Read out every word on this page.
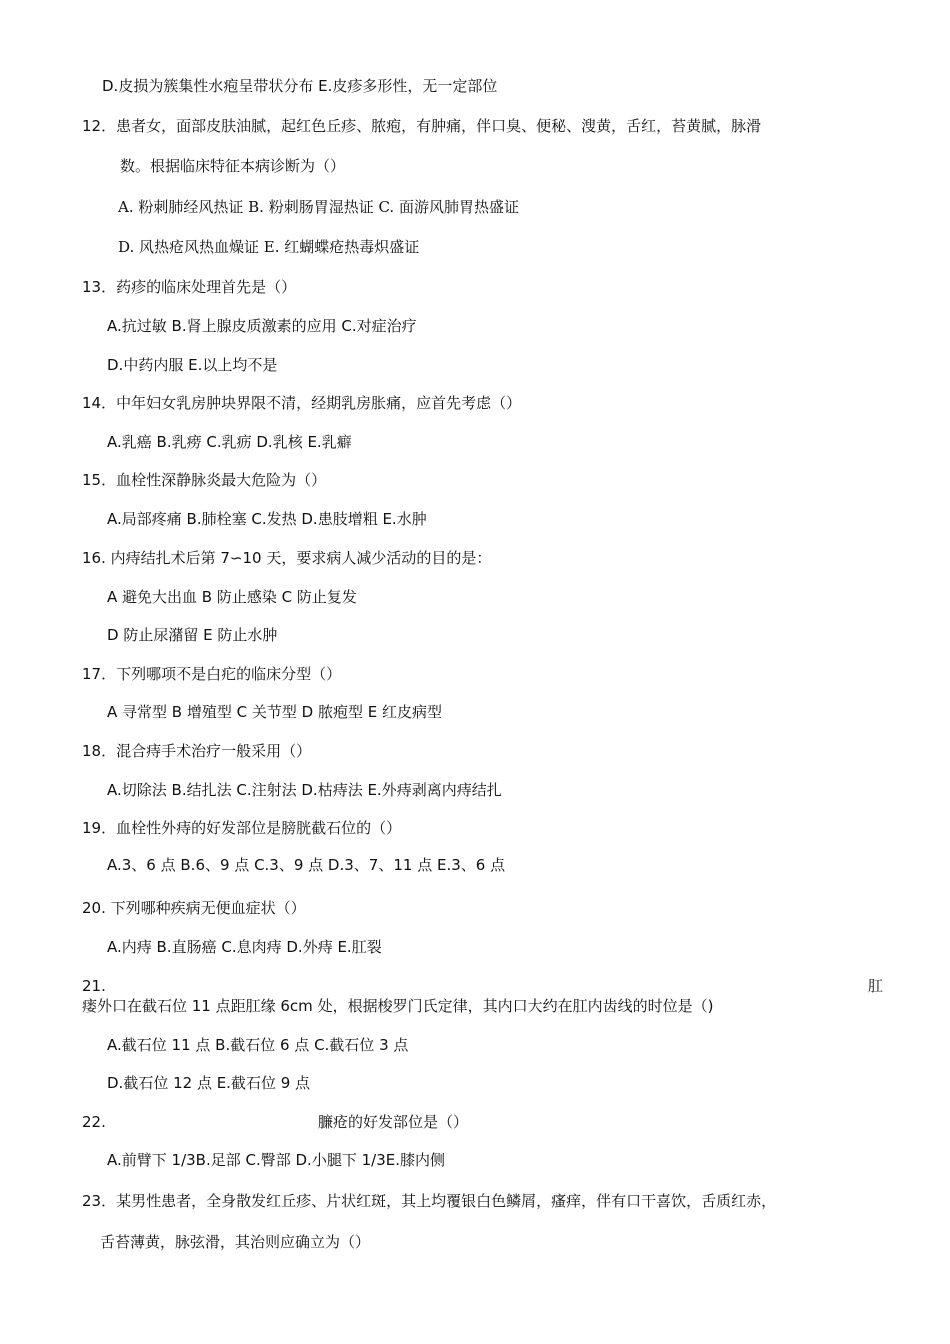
D.皮损为簇集性水疱呈带状分布 E.皮疹多形性，无一定部位
12．患者女，面部皮肤油腻，起红色丘疹、脓疱，有肿痛，伴口臭、便秘、溲黄，舌红，苔黄腻，脉滑
数。根据临床特征本病诊断为（）
A. 粉刺肺经风热证 B. 粉刺肠胃湿热证 C. 面游风肺胃热盛证
D. 风热疮风热血燥证 E. 红蝴蝶疮热毒炽盛证
13．药疹的临床处理首先是（）
A.抗过敏 B.肾上腺皮质激素的应用 C.对症治疗
D.中药内服 E.以上均不是
14．中年妇女乳房肿块界限不清，经期乳房胀痛，应首先考虑（）
A.乳癌 B.乳痨 C.乳疬 D.乳核 E.乳癖
15．血栓性深静脉炎最大危险为（）
A.局部疼痛 B.肺栓塞 C.发热 D.患肢增粗 E.水肿
16. 内痔结扎术后第 7∽10 天，要求病人减少活动的目的是：
A 避免大出血 B 防止感染 C 防止复发
D 防止尿潴留 E 防止水肿
17．下列哪项不是白疕的临床分型（）
A 寻常型 B 增殖型 C 关节型 D 脓疱型 E 红皮病型
18．混合痔手术治疗一般采用（）
A.切除法 B.结扎法 C.注射法 D.枯痔法 E.外痔剥离内痔结扎
19．血栓性外痔的好发部位是膀胱截石位的（）
A.3、6 点 B.6、9 点 C.3、9 点 D.3、7、11 点 E.3、6 点
20. 下列哪种疾病无便血症状（）
A.内痔 B.直肠癌 C.息肉痔 D.外痔 E.肛裂
21.	肛
瘘外口在截石位 11 点距肛缘 6cm 处，根据梭罗门氏定律，其内口大约在肛内齿线的时位是（)
A.截石位 11 点 B.截石位 6 点 C.截石位 3 点
D.截石位 12 点 E.截石位 9 点
22.	臁疮的好发部位是（）
A.前臂下 1/3B.足部 C.臀部 D.小腿下 1/3E.膝内侧
23．某男性患者，全身散发红丘疹、片状红斑，其上均覆银白色鳞屑，瘙痒，伴有口干喜饮，舌质红赤，
舌苔薄黄，脉弦滑，其治则应确立为（）
